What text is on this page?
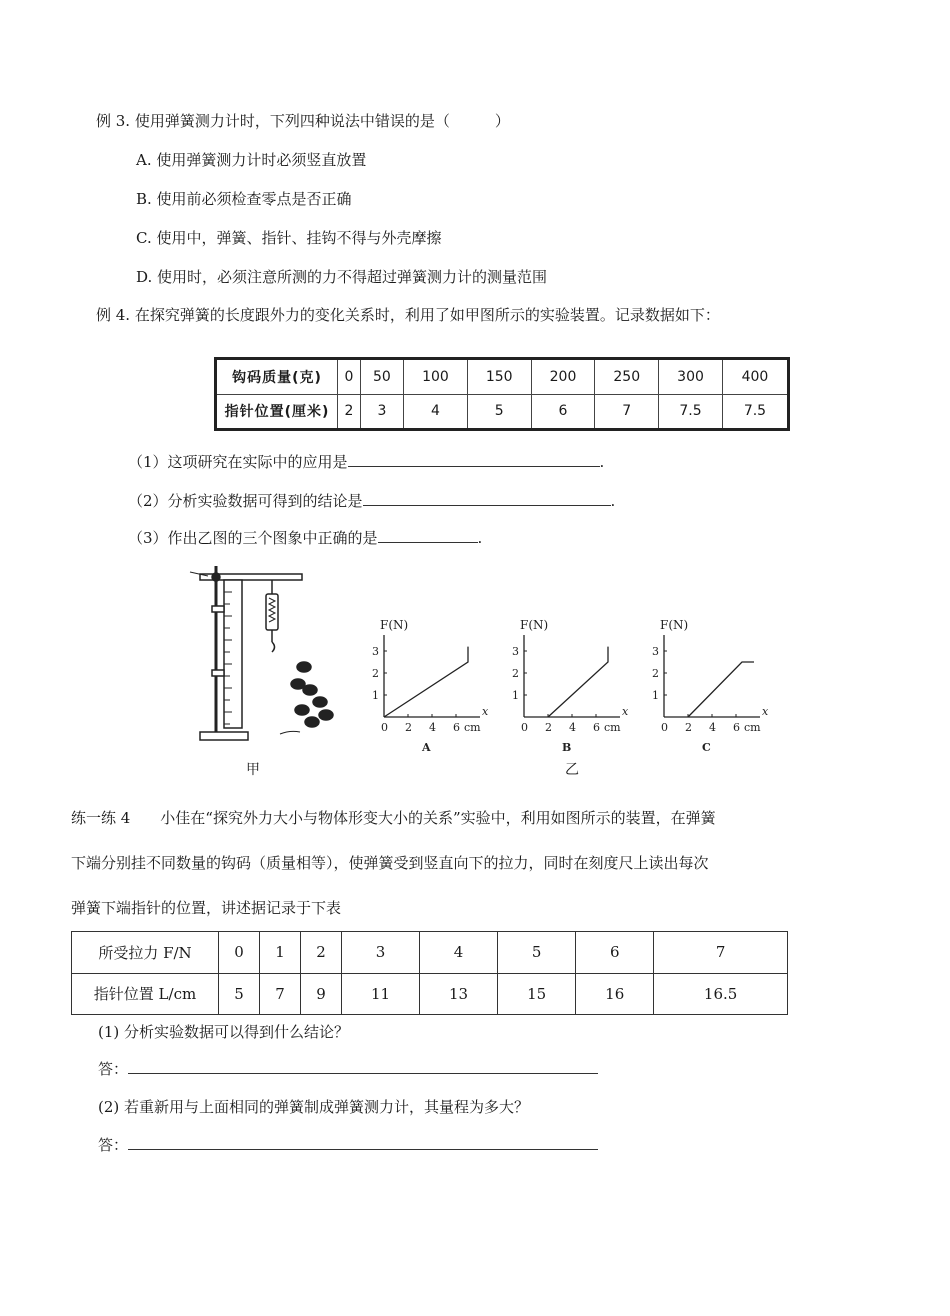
例 3. 使用弹簧测力计时，下列四种说法中错误的是（　　　）
A. 使用弹簧测力计时必须竖直放置
B. 使用前必须检查零点是否正确
C. 使用中，弹簧、指针、挂钩不得与外壳摩擦
D. 使用时，必须注意所测的力不得超过弹簧测力计的测量范围
例 4. 在探究弹簧的长度跟外力的变化关系时，利用了如甲图所示的实验装置。记录数据如下：
钩码质量(克)	0	50	100	150	200	250	300	400
指针位置(厘米)	2	3	4	5	6	7	7.5	7.5
（1）这项研究在实际中的应用是	.
（2）分析实验数据可得到的结论是	.
（3）作出乙图的三个图象中正确的是	.
甲
F(N)
x
1
2
3
0 2 4 6 cm
A
F(N)
x
1
2
3
0 2 4 6 cm
B
F(N)
x
1
2
3
0 2 4 6 cm
C
乙
练一练 4　　小佳在“探究外力大小与物体形变大小的关系”实验中，利用如图所示的装置，在弹簧
下端分别挂不同数量的钩码（质量相等），使弹簧受到竖直向下的拉力，同时在刻度尺上读出每次
弹簧下端指针的位置，讲述据记录于下表
所受拉力 F/N	0	1	2	3	4	5	6	7
指针位置 L/cm	5	7	9	11	13	15	16	16.5
(1) 分析实验数据可以得到什么结论？
答：
(2) 若重新用与上面相同的弹簧制成弹簧测力计，其量程为多大？
答：
